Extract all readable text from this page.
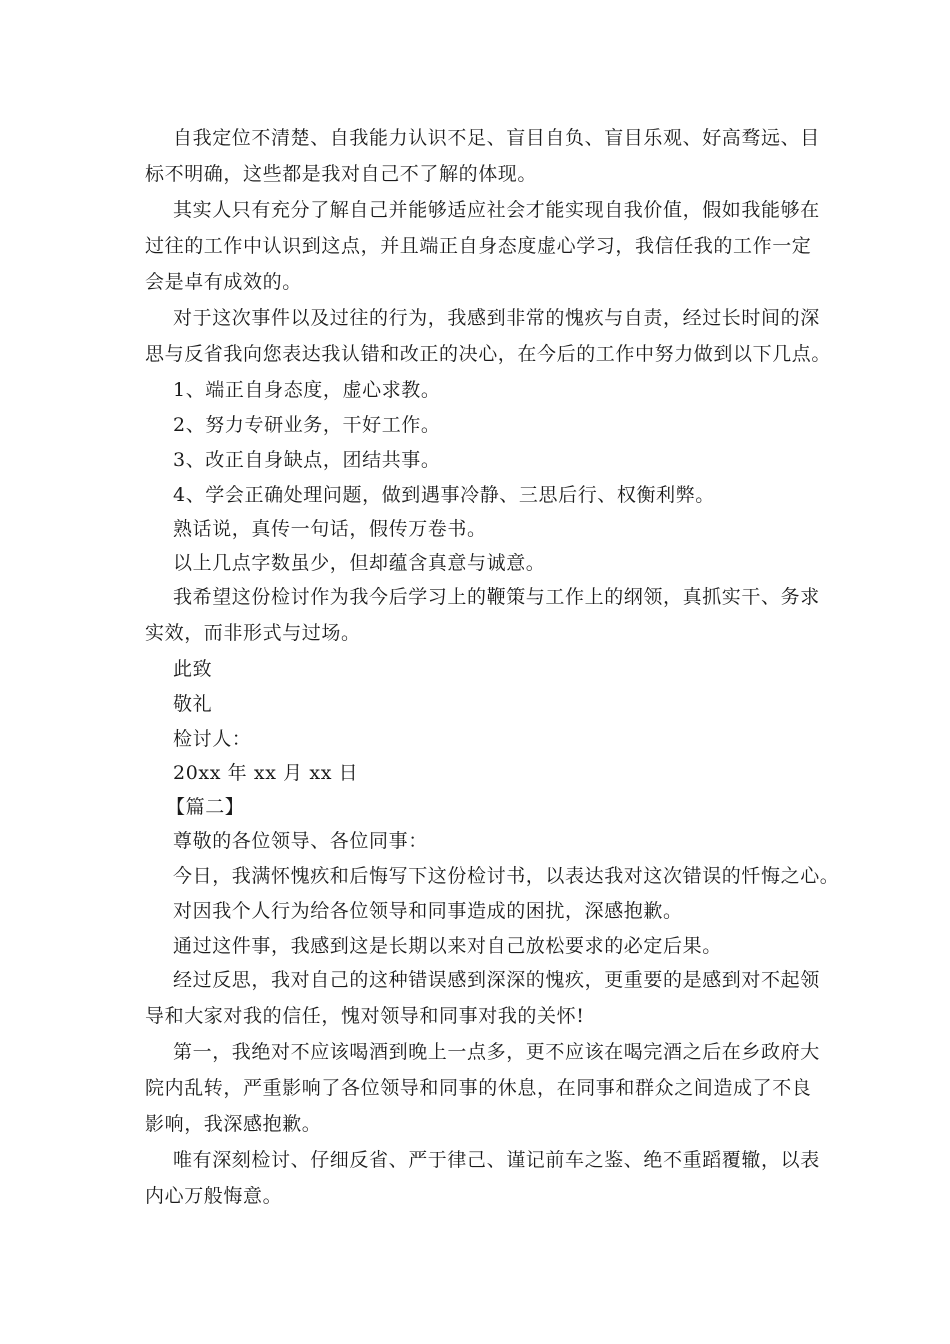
自我定位不清楚、自我能力认识不足、盲目自负、盲目乐观、好高骛远、目
标不明确，这些都是我对自己不了解的体现。
其实人只有充分了解自己并能够适应社会才能实现自我价值，假如我能够在
过往的工作中认识到这点，并且端正自身态度虚心学习，我信任我的工作一定
会是卓有成效的。
对于这次事件以及过往的行为，我感到非常的愧疚与自责，经过长时间的深
思与反省我向您表达我认错和改正的决心，在今后的工作中努力做到以下几点。
1、端正自身态度，虚心求教。
2、努力专研业务，干好工作。
3、改正自身缺点，团结共事。
4、学会正确处理问题，做到遇事冷静、三思后行、权衡利弊。
熟话说，真传一句话，假传万卷书。
以上几点字数虽少，但却蕴含真意与诚意。
我希望这份检讨作为我今后学习上的鞭策与工作上的纲领，真抓实干、务求
实效，而非形式与过场。
此致
敬礼
检讨人：
20xx 年 xx 月 xx 日
【篇二】
尊敬的各位领导、各位同事：
今日，我满怀愧疚和后悔写下这份检讨书，以表达我对这次错误的忏悔之心。
对因我个人行为给各位领导和同事造成的困扰，深感抱歉。
通过这件事，我感到这是长期以来对自己放松要求的必定后果。
经过反思，我对自己的这种错误感到深深的愧疚，更重要的是感到对不起领
导和大家对我的信任，愧对领导和同事对我的关怀!
第一，我绝对不应该喝酒到晚上一点多，更不应该在喝完酒之后在乡政府大
院内乱转，严重影响了各位领导和同事的休息，在同事和群众之间造成了不良
影响，我深感抱歉。
唯有深刻检讨、仔细反省、严于律己、谨记前车之鉴、绝不重蹈覆辙，以表
内心万般悔意。
